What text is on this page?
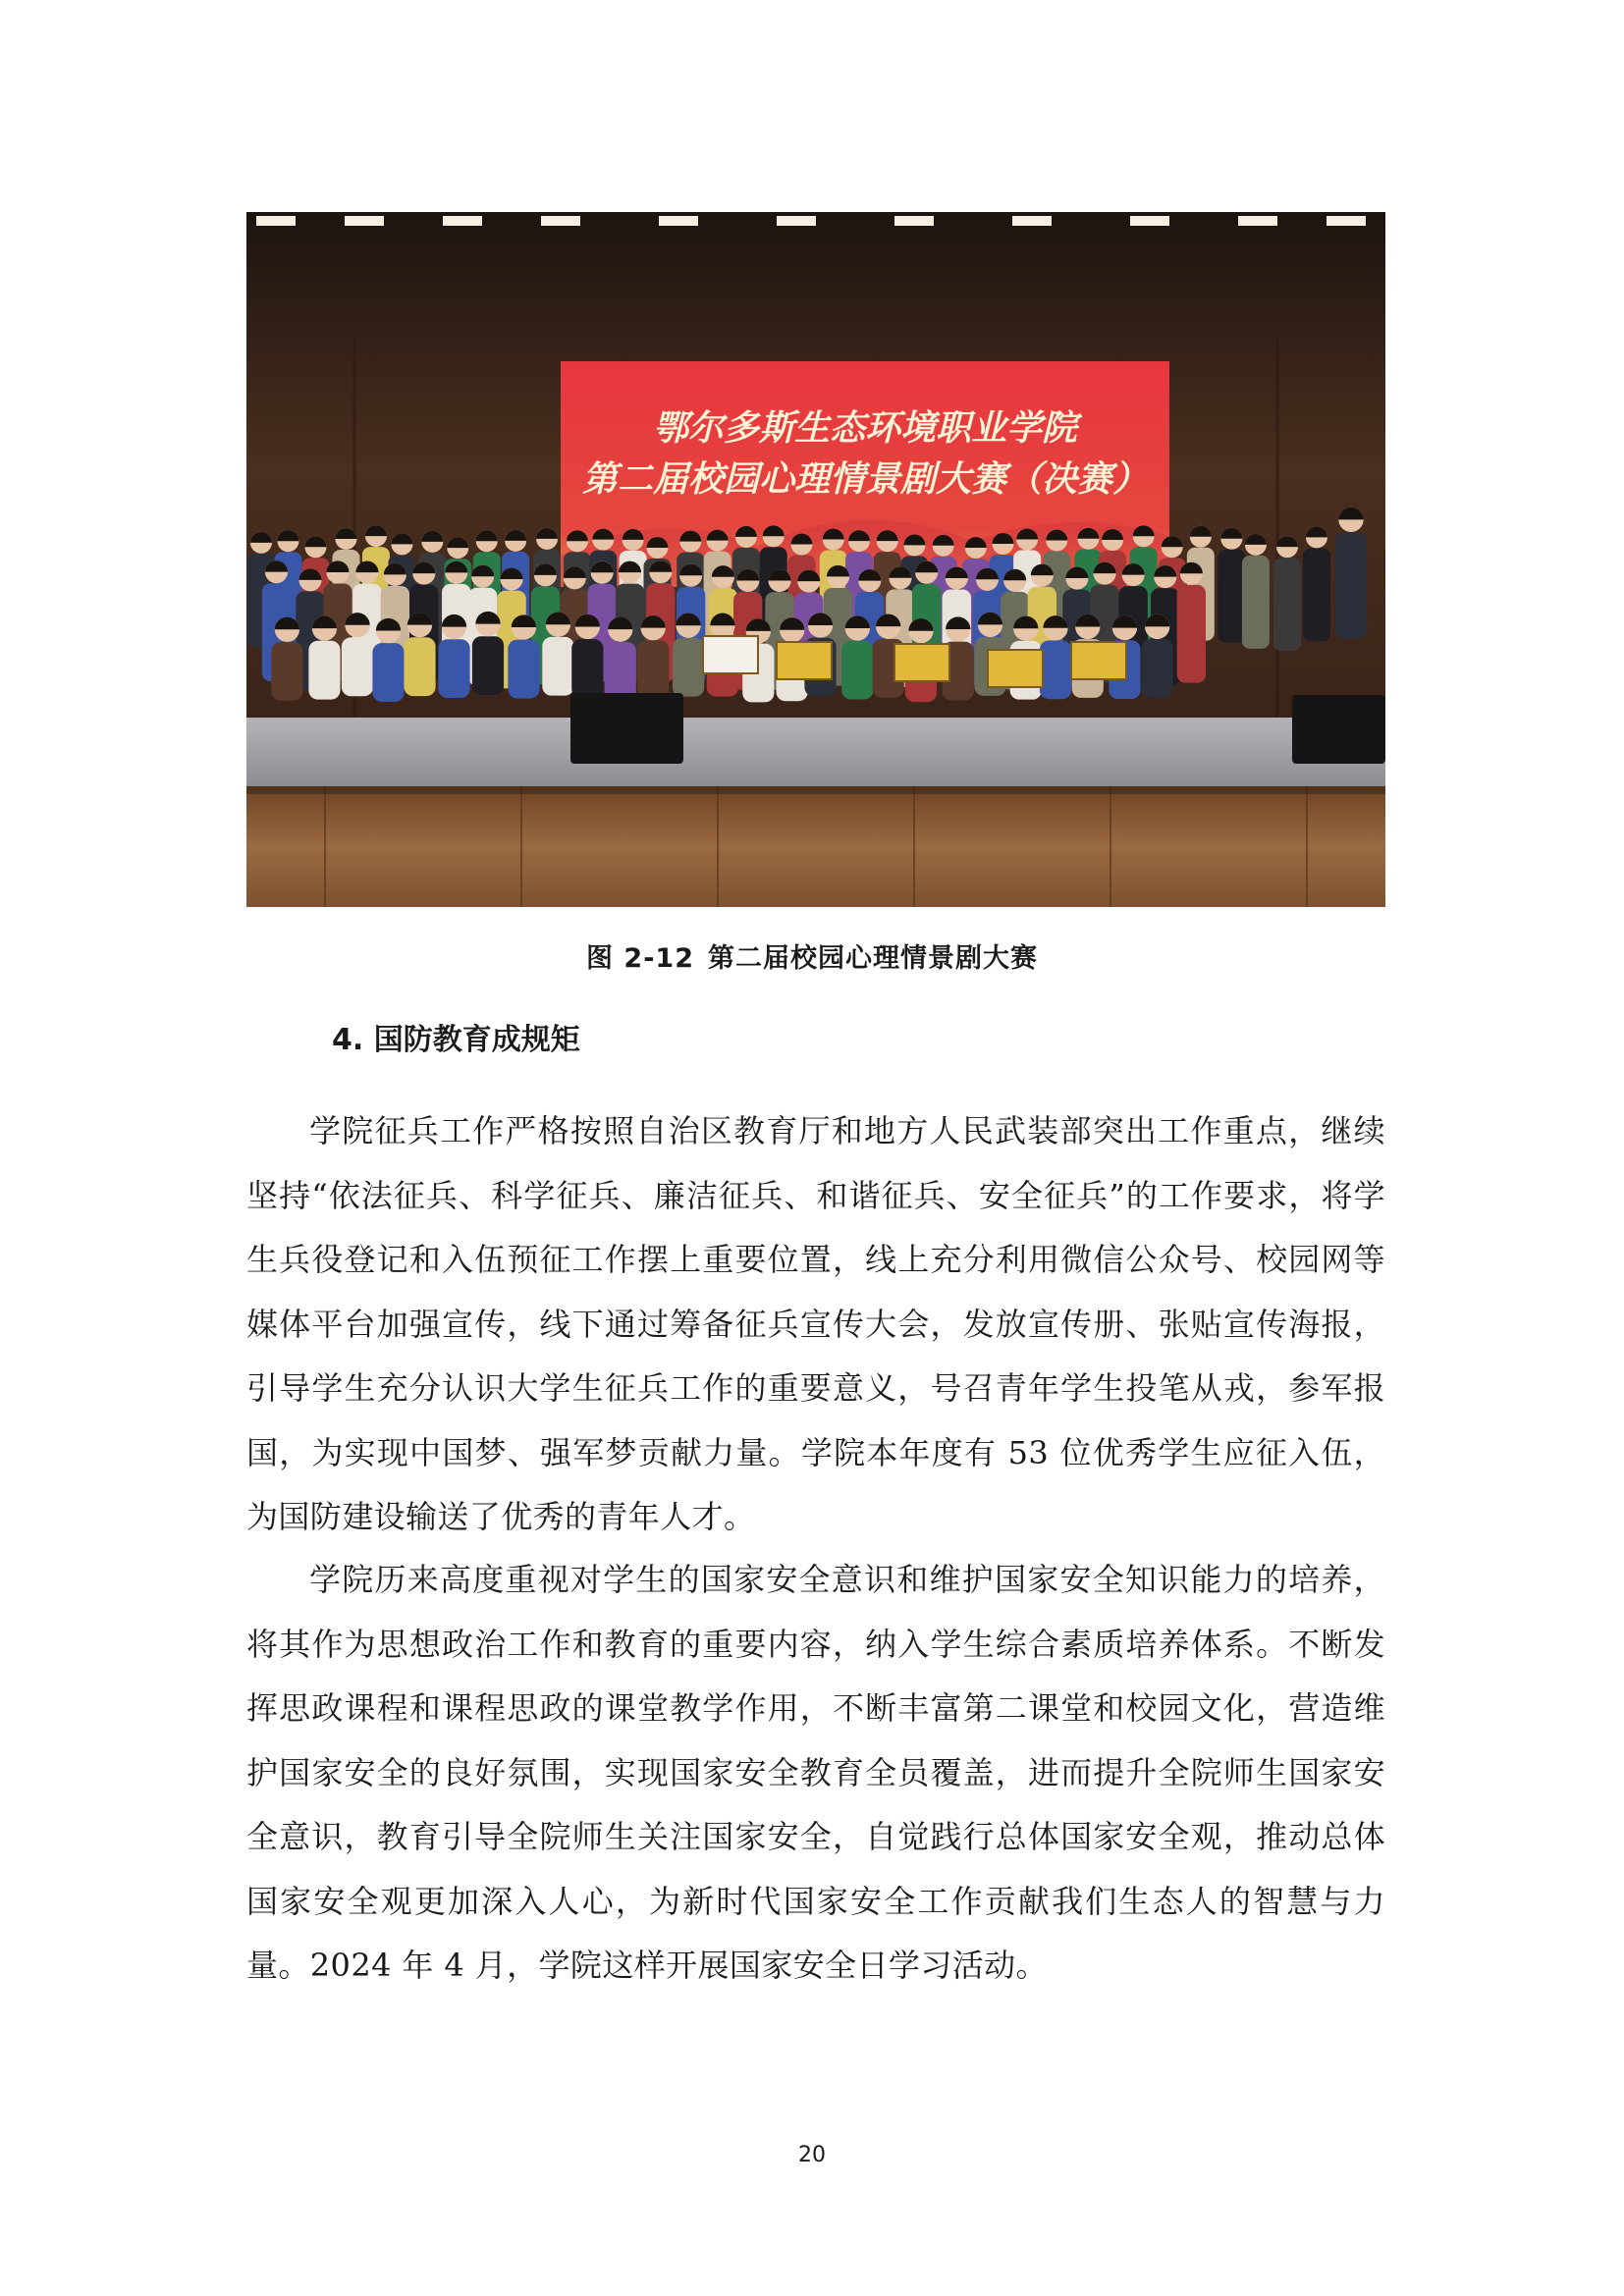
鄂尔多斯生态环境职业学院
第二届校园心理情景剧大赛（决赛）
图 2-12 第二届校园心理情景剧大赛
4. 国防教育成规矩

学院征兵工作严格按照自治区教育厅和地方人民武装部突出工作重点，继续坚持“依法征兵、科学征兵、廉洁征兵、和谐征兵、安全征兵”的工作要求，将学生兵役登记和入伍预征工作摆上重要位置，线上充分利用微信公众号、校园网等媒体平台加强宣传，线下通过筹备征兵宣传大会，发放宣传册、张贴宣传海报，引导学生充分认识大学生征兵工作的重要意义，号召青年学生投笔从戎，参军报国，为实现中国梦、强军梦贡献力量。学院本年度有 53 位优秀学生应征入伍，为国防建设输送了优秀的青年人才。

学院历来高度重视对学生的国家安全意识和维护国家安全知识能力的培养，将其作为思想政治工作和教育的重要内容，纳入学生综合素质培养体系。不断发挥思政课程和课程思政的课堂教学作用，不断丰富第二课堂和校园文化，营造维护国家安全的良好氛围，实现国家安全教育全员覆盖，进而提升全院师生国家安全意识，教育引导全院师生关注国家安全，自觉践行总体国家安全观，推动总体国家安全观更加深入人心，为新时代国家安全工作贡献我们生态人的智慧与力量。2024 年 4 月，学院这样开展国家安全日学习活动。

20
